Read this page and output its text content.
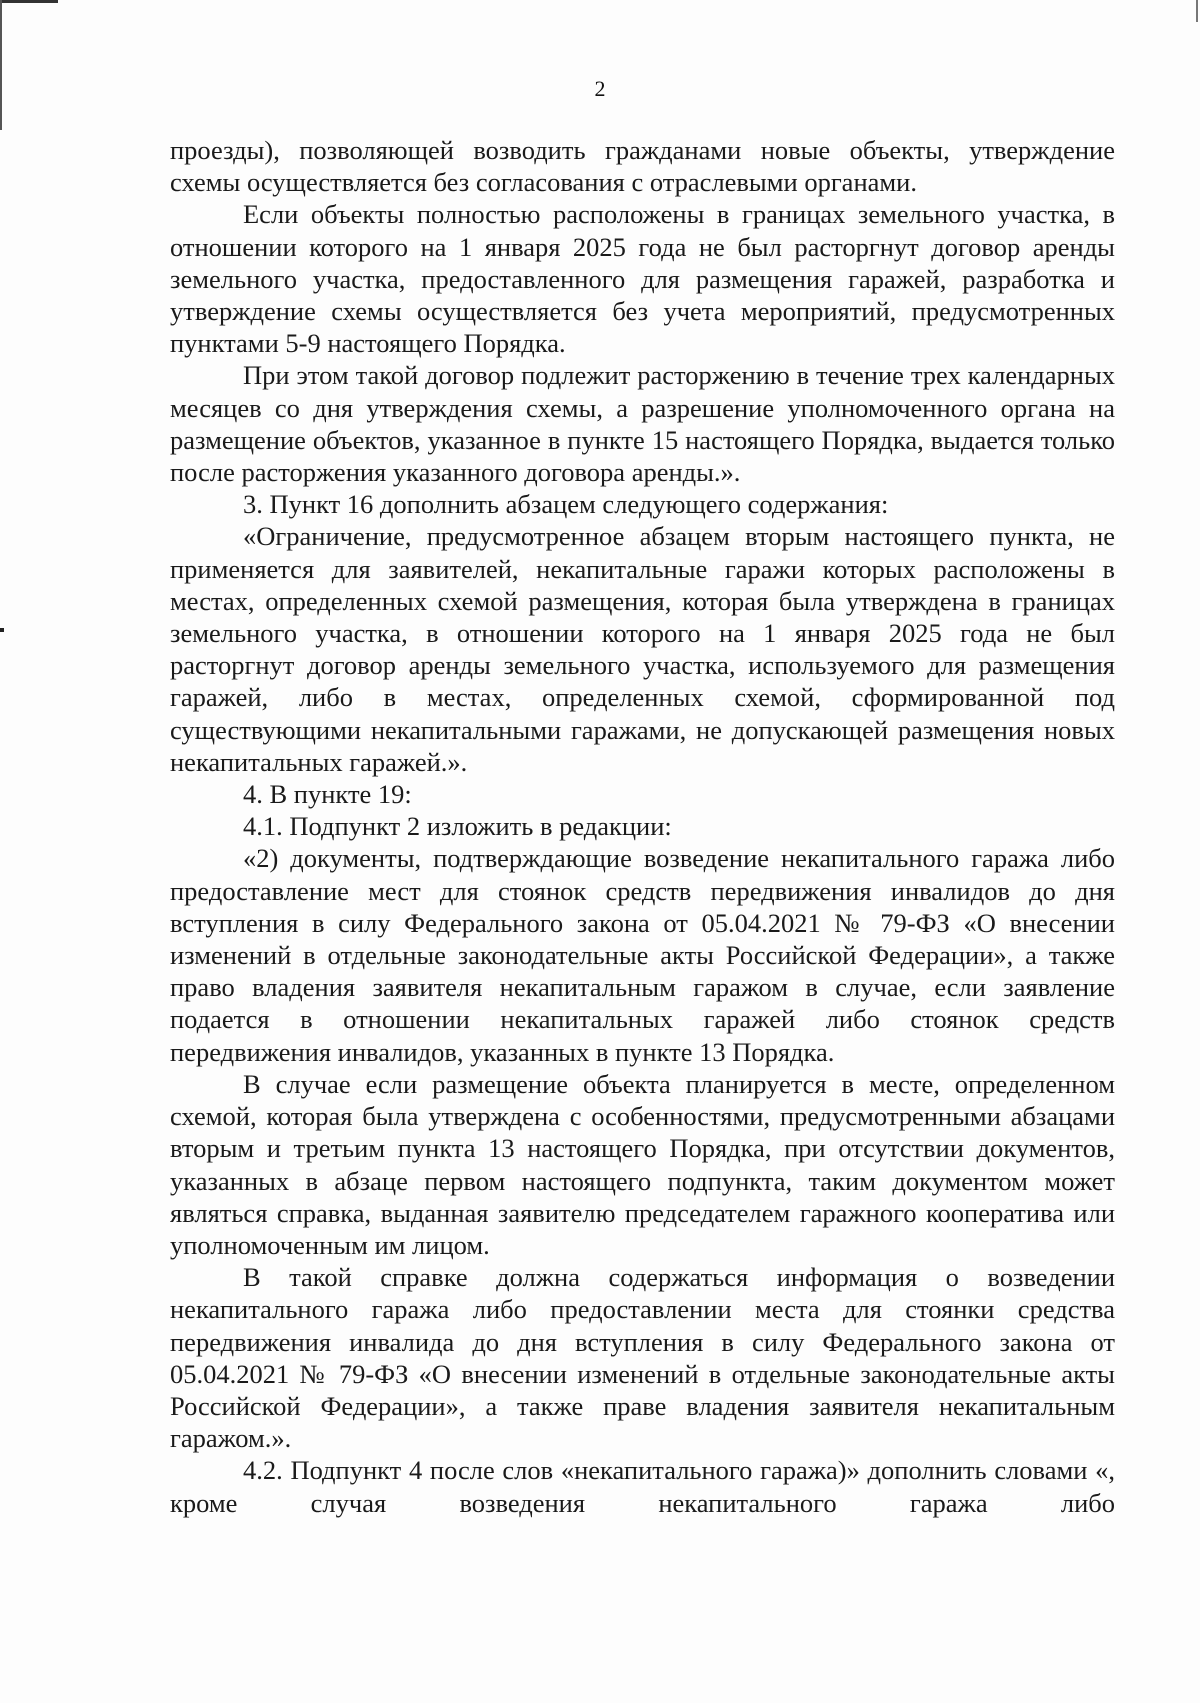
2

проезды), позволяющей возводить гражданами новые объекты, утверждение схемы осуществляется без согласования с отраслевыми органами.

Если объекты полностью расположены в границах земельного участка, в отношении которого на 1 января 2025 года не был расторгнут договор аренды земельного участка, предоставленного для размещения гаражей, разработка и утверждение схемы осуществляется без учета мероприятий, предусмотренных пунктами 5-9 настоящего Порядка.

При этом такой договор подлежит расторжению в течение трех календарных месяцев со дня утверждения схемы, а разрешение уполномоченного органа на размещение объектов, указанное в пункте 15 настоящего Порядка, выдается только после расторжения указанного договора аренды.».

3. Пункт 16 дополнить абзацем следующего содержания:

«Ограничение, предусмотренное абзацем вторым настоящего пункта, не применяется для заявителей, некапитальные гаражи которых расположены в местах, определенных схемой размещения, которая была утверждена в границах земельного участка, в отношении которого на 1 января 2025 года не был расторгнут договор аренды земельного участка, используемого для размещения гаражей, либо в местах, определенных схемой, сформированной под существующими некапитальными гаражами, не допускающей размещения новых некапитальных гаражей.».

4. В пункте 19:

4.1. Подпункт 2 изложить в редакции:

«2) документы, подтверждающие возведение некапитального гаража либо предоставление мест для стоянок средств передвижения инвалидов до дня вступления в силу Федерального закона от 05.04.2021 № 79-ФЗ «О внесении изменений в отдельные законодательные акты Российской Федерации», а также право владения заявителя некапитальным гаражом в случае, если заявление подается в отношении некапитальных гаражей либо стоянок средств передвижения инвалидов, указанных в пункте 13 Порядка.

В случае если размещение объекта планируется в месте, определенном схемой, которая была утверждена с особенностями, предусмотренными абзацами вторым и третьим пункта 13 настоящего Порядка, при отсутствии документов, указанных в абзаце первом настоящего подпункта, таким документом может являться справка, выданная заявителю председателем гаражного кооператива или уполномоченным им лицом.

В такой справке должна содержаться информация о возведении некапитального гаража либо предоставлении места для стоянки средства передвижения инвалида до дня вступления в силу Федерального закона от 05.04.2021 № 79-ФЗ «О внесении изменений в отдельные законодательные акты Российской Федерации», а также праве владения заявителя некапитальным гаражом.».

4.2. Подпункт 4 после слов «некапитального гаража)» дополнить словами «, кроме случая возведения некапитального гаража либо
